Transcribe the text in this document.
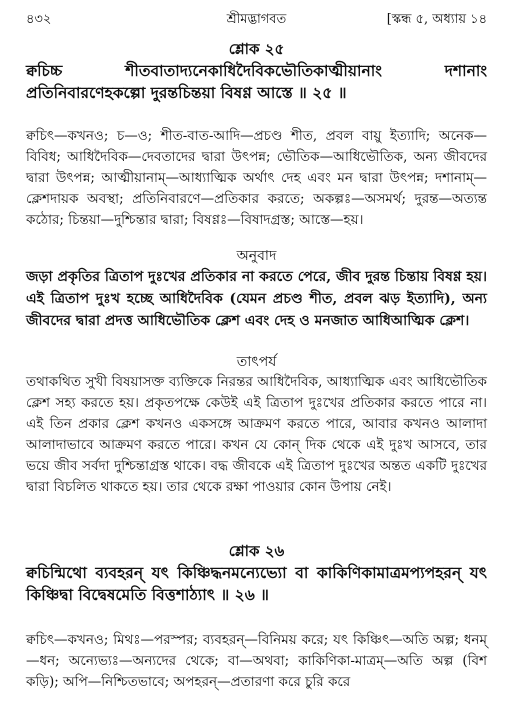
৪৩২	শ্রীমদ্ভাগবত	[স্কন্ধ ৫, অধ্যায় ১৪
শ্লোক ২৫
ক্বচিচ্চ শীতবাতাদ্যনেকাধিদৈবিকভৌতিকাত্মীয়ানাং দশানাং প্রতিনিবারণেহকল্পো দুরন্তচিন্তয়া বিষণ্ণ আস্তে ॥ ২৫ ॥
ক্বচিৎ—কখনও; চ—ও; শীত-বাত-আদি—প্রচণ্ড শীত, প্রবল বায়ু ইত্যাদি; অনেক—বিবিধ; আধিদৈবিক—দেবতাদের দ্বারা উৎপন্ন; ভৌতিক—আধিভৌতিক, অন্য জীবদের দ্বারা উৎপন্ন; আত্মীয়ানাম্—আধ্যাত্মিক অর্থাৎ দেহ এবং মন দ্বারা উৎপন্ন; দশানাম্—ক্লেশদায়ক অবস্থা; প্রতিনিবারণে—প্রতিকার করতে; অকল্পঃ—অসমর্থ; দুরন্ত—অত্যন্ত কঠোর; চিন্তয়া—দুশ্চিন্তার দ্বারা; বিষণ্ণঃ—বিষাদগ্রস্ত; আস্তে—হয়।
অনুবাদ
জড়া প্রকৃতির ত্রিতাপ দুঃখের প্রতিকার না করতে পেরে, জীব দুরন্ত চিন্তায় বিষণ্ণ হয়। এই ত্রিতাপ দুঃখ হচ্ছে আধিদৈবিক (যেমন প্রচণ্ড শীত, প্রবল ঝড় ইত্যাদি), অন্য জীবদের দ্বারা প্রদত্ত আধিভৌতিক ক্লেশ এবং দেহ ও মনজাত আধিআত্মিক ক্লেশ।
তাৎপর্য
তথাকথিত সুখী বিষয়াসক্ত ব্যক্তিকে নিরন্তর আধিদৈবিক, আধ্যাত্মিক এবং আধিভৌতিক ক্লেশ সহ্য করতে হয়। প্রকৃতপক্ষে কেউই এই ত্রিতাপ দুঃখের প্রতিকার করতে পারে না। এই তিন প্রকার ক্লেশ কখনও একসঙ্গে আক্রমণ করতে পারে, আবার কখনও আলাদা আলাদাভাবে আক্রমণ করতে পারে। কখন যে কোন্ দিক থেকে এই দুঃখ আসবে, তার ভয়ে জীব সর্বদা দুশ্চিন্তাগ্রস্ত থাকে। বদ্ধ জীবকে এই ত্রিতাপ দুঃখের অন্তত একটি দুঃখের দ্বারা বিচলিত থাকতে হয়। তার থেকে রক্ষা পাওয়ার কোন উপায় নেই।
শ্লোক ২৬
ক্বচিন্মিথো ব্যবহরন্ যৎ কিঞ্চিদ্ধনমন্যেভ্যো বা কাকিণিকামাত্রমপ্যপহরন্ যৎ কিঞ্চিদ্বা বিদ্বেষমেতি বিত্তশাঠ্যাৎ ॥ ২৬ ॥
ক্বচিৎ—কখনও; মিথঃ—পরস্পর; ব্যবহরন্—বিনিময় করে; যৎ কিঞ্চিৎ—অতি অল্প; ধনম্—ধন; অন্যেভ্যঃ—অন্যদের থেকে; বা—অথবা; কাকিণিকা-মাত্রম্—অতি অল্প (বিশ কড়ি); অপি—নিশ্চিতভাবে; অপহরন্—প্রতারণা করে চুরি করে
